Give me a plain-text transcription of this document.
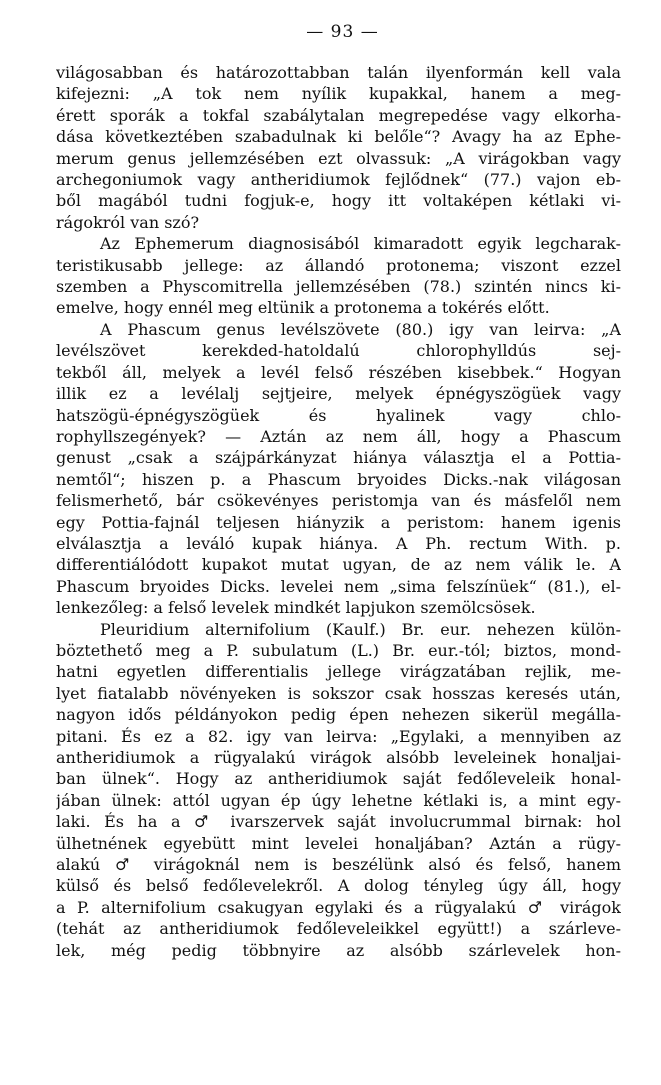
— 93 —
világosabban és határozottabban talán ilyenformán kell vala
kifejezni: „A tok nem nyílik kupakkal, hanem a meg-
érett sporák a tokfal szabálytalan megrepedése vagy elkorha-
dása következtében szabadulnak ki belőle“? Avagy ha az Ephe-
merum genus jellemzésében ezt olvassuk: „A virágokban vagy
archegoniumok vagy antheridiumok fejlődnek“ (77.) vajon eb-
ből magából tudni fogjuk-e, hogy itt voltaképen kétlaki vi-
rágokról van szó?
Az Ephemerum diagnosisából kimaradott egyik legcharak-
teristikusabb jellege: az állandó protonema; viszont ezzel
szemben a Physcomitrella jellemzésében (78.) szintén nincs ki-
emelve, hogy ennél meg eltünik a protonema a tokérés előtt.
A Phascum genus levélszövete (80.) igy van leirva: „A
levélszövet kerekded-hatoldalú chlorophylldús sej-
tekből áll, melyek a levél felső részében kisebbek.“ Hogyan
illik ez a levélalj sejtjeire, melyek épnégyszögüek vagy
hatszögü-épnégyszögüek és hyalinek vagy chlo-
rophyllszegények? — Aztán az nem áll, hogy a Phascum
genust „csak a szájpárkányzat hiánya választja el a Pottia-
nemtől“; hiszen p. a Phascum bryoides Dicks.-nak világosan
felismerhető, bár csökevényes peristomja van és másfelől nem
egy Pottia-fajnál teljesen hiányzik a peristom: hanem igenis
elválasztja a leváló kupak hiánya. A Ph. rectum With. p.
differentiálódott kupakot mutat ugyan, de az nem válik le. A
Phascum bryoides Dicks. levelei nem „sima felszínüek“ (81.), el-
lenkezőleg: a felső levelek mindkét lapjukon szemölcsösek.
Pleuridium alternifolium (Kaulf.) Br. eur. nehezen külön-
böztethető meg a P. subulatum (L.) Br. eur.-tól; biztos, mond-
hatni egyetlen differentialis jellege virágzatában rejlik, me-
lyet fiatalabb növényeken is sokszor csak hosszas keresés után,
nagyon idős példányokon pedig épen nehezen sikerül megálla-
pitani. És ez a 82. igy van leirva: „Egylaki, a mennyiben az
antheridiumok a rügyalakú virágok alsóbb leveleinek honaljai-
ban ülnek“. Hogy az antheridiumok saját fedőleveleik honal-
jában ülnek: attól ugyan ép úgy lehetne kétlaki is, a mint egy-
laki. És ha a ♂ ivarszervek saját involucrummal birnak: hol
ülhetnének egyebütt mint levelei honaljában? Aztán a rügy-
alakú ♂ virágoknál nem is beszélünk alsó és felső, hanem
külső és belső fedőlevelekről. A dolog tényleg úgy áll, hogy
a P. alternifolium csakugyan egylaki és a rügyalakú ♂ virágok
(tehát az antheridiumok fedőleveleikkel együtt!) a szárleve-
lek, még pedig többnyire az alsóbb szárlevelek hon-
